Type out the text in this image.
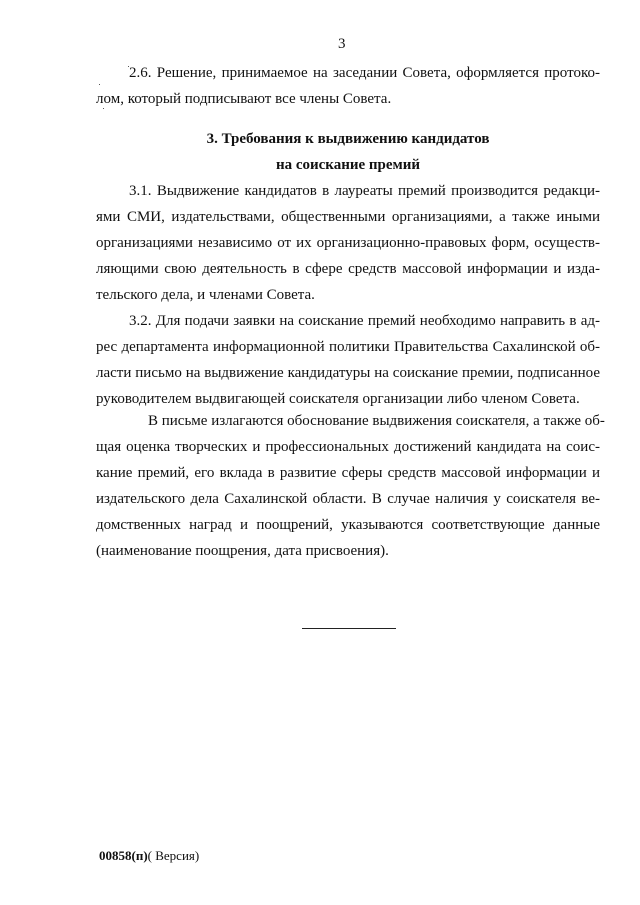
3
2.6. Решение, принимаемое на заседании Совета, оформляется протоко-
лом, который подписывают все члены Совета.
3. Требования к выдвижению кандидатов
на соискание премий
3.1. Выдвижение кандидатов в лауреаты премий производится редакци-
ями СМИ, издательствами, общественными организациями, а также иными
организациями независимо от их организационно-правовых форм, осуществ-
ляющими свою деятельность в сфере средств массовой информации и изда-
тельского дела, и членами Совета.
3.2. Для подачи заявки на соискание премий необходимо направить в ад-
рес департамента информационной политики Правительства Сахалинской об-
ласти письмо на выдвижение кандидатуры на соискание премии, подписанное
руководителем выдвигающей соискателя организации либо членом Совета.
В письме излагаются обоснование выдвижения соискателя, а также об-
щая оценка творческих и профессиональных достижений кандидата на соис-
кание премий, его вклада в развитие сферы средств массовой информации и
издательского дела Сахалинской области. В случае наличия у соискателя ве-
домственных наград и поощрений, указываются соответствующие данные
(наименование поощрения, дата присвоения).
00858(п)( Версия)
